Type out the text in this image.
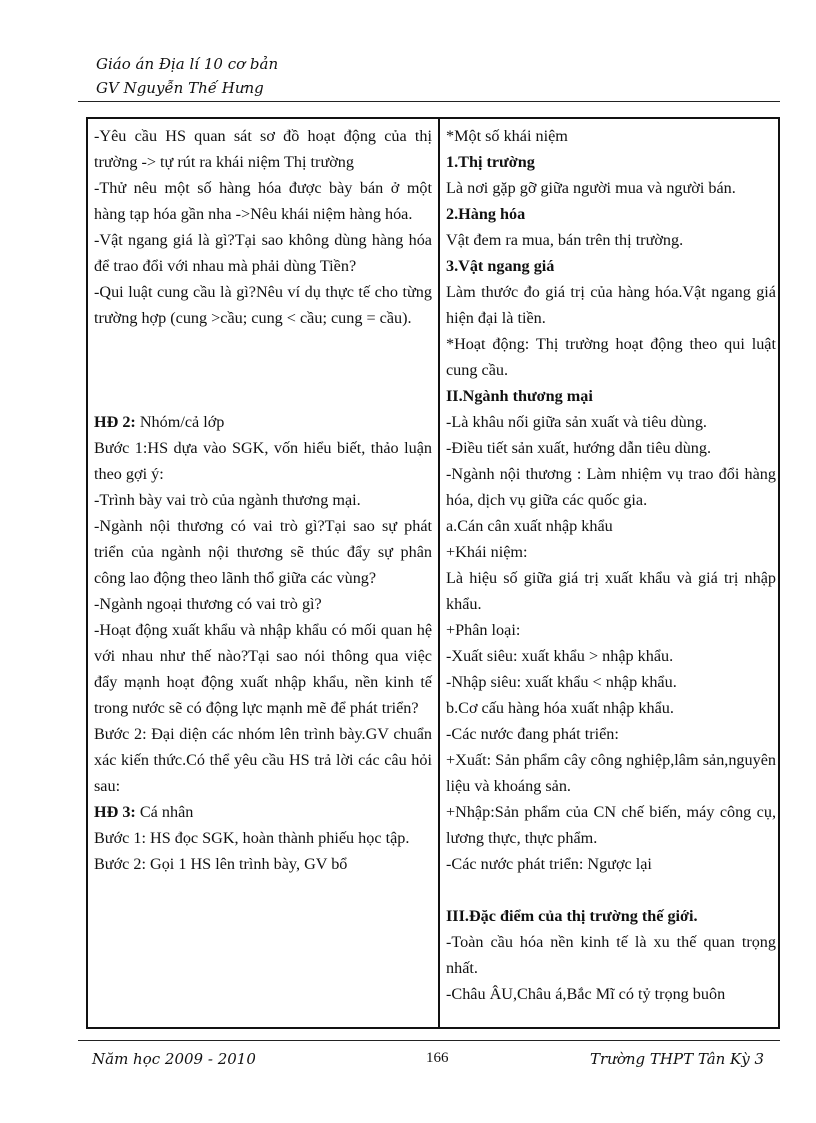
Giáo án Địa lí 10 cơ bản
GV Nguyễn Thế Hưng

-Yêu cầu HS quan sát sơ đồ hoạt động của thị trường -> tự rút ra khái niệm Thị trường

-Thử nêu một số hàng hóa được bày bán ở một hàng tạp hóa gần nha ->Nêu khái niệm hàng hóa.

-Vật ngang giá là gì?Tại sao không dùng hàng hóa để trao đổi với nhau mà phải dùng Tiền?

-Qui luật cung cầu là gì?Nêu ví dụ thực tế cho từng trường hợp (cung >cầu; cung < cầu; cung = cầu).

HĐ 2: Nhóm/cả lớp

Bước 1:HS dựa vào SGK, vốn hiểu biết, thảo luận theo gợi ý:

-Trình bày vai trò của ngành thương mại.

-Ngành nội thương có vai trò gì?Tại sao sự phát triển của ngành nội thương sẽ thúc đẩy sự phân công lao động theo lãnh thổ giữa các vùng?

-Ngành ngoại thương có vai trò gì?

-Hoạt động xuất khẩu và nhập khẩu có mối quan hệ với nhau như thế nào?Tại sao nói thông qua việc đẩy mạnh hoạt động xuất nhập khẩu, nền kinh tế trong nước sẽ có động lực mạnh mẽ để phát triển?

Bước 2: Đại diện các nhóm lên trình bày.GV chuẩn xác kiến thức.Có thể yêu cầu HS trả lời các câu hỏi sau:

HĐ 3: Cá nhân

Bước 1: HS đọc SGK, hoàn thành phiếu học tập.

Bước 2: Gọi 1 HS lên trình bày, GV bổ

*Một số khái niệm

1.Thị trường

Là nơi gặp gỡ giữa người mua và người bán.

2.Hàng hóa

Vật đem ra mua, bán trên thị trường.

3.Vật ngang giá

Làm thước đo giá trị của hàng hóa.Vật ngang giá hiện đại là tiền.

*Hoạt động: Thị trường hoạt động theo qui luật cung cầu.

II.Ngành thương mại

-Là khâu nối giữa sản xuất và tiêu dùng.

-Điều tiết sản xuất, hướng dẫn tiêu dùng.

-Ngành nội thương : Làm nhiệm vụ trao đổi hàng hóa, dịch vụ giữa các quốc gia.

a.Cán cân xuất nhập khẩu

+Khái niệm:

Là hiệu số giữa giá trị xuất khẩu và giá trị nhập khẩu.

+Phân loại:

-Xuất siêu: xuất khẩu > nhập khẩu.

-Nhập siêu: xuất khẩu < nhập khẩu.

b.Cơ cấu hàng hóa xuất nhập khẩu.

-Các nước đang phát triển:

+Xuất: Sản phẩm cây công nghiệp,lâm sản,nguyên liệu và khoáng sản.

+Nhập:Sản phẩm của CN chế biến, máy công cụ, lương thực, thực phẩm.

-Các nước phát triển: Ngược lại

III.Đặc điểm của thị trường thế giới.

-Toàn cầu hóa nền kinh tế là xu thế quan trọng nhất.

-Châu ÂU,Châu á,Bắc Mĩ có tỷ trọng buôn

Năm học 2009 - 2010	166	Trường THPT Tân Kỳ 3
